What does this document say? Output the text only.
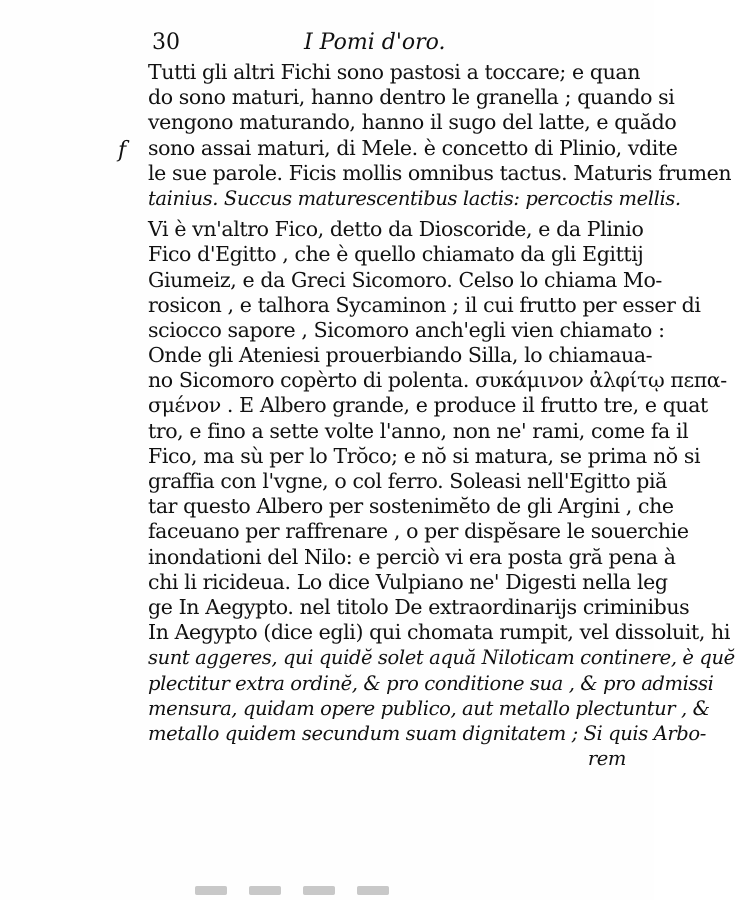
30	I Pomi d'oro.
f
Tutti gli altri Fichi sono pastosi a toccare; e quan
do sono maturi, hanno dentro le granella ; quando si
vengono maturando, hanno il sugo del latte, e quădo
sono assai maturi, di Mele. è concetto di Plinio, vdite
le sue parole. Ficis mollis omnibus tactus. Maturis frumen
tainius. Succus maturescentibus lactis: percoctis mellis.
Vi è vn'altro Fico, detto da Dioscoride, e da Plinio
Fico d'Egitto , che è quello chiamato da gli Egittij
Giumeiz, e da Greci Sicomoro. Celso lo chiama Mo-
rosicon , e talhora Sycaminon ; il cui frutto per esser di
sciocco sapore , Sicomoro anch'egli vien chiamato :
Onde gli Ateniesi prouerbiando Silla, lo chiamaua-
no Sicomoro copèrto di polenta. συκάμινον ἀλφίτῳ πεπα-
σμένον . E Albero grande, e produce il frutto tre, e quat
tro, e fino a sette volte l'anno, non ne' rami, come fa il
Fico, ma sù per lo Trŏco; e nŏ si matura, se prima nŏ si
graffia con l'vgne, o col ferro. Soleasi nell'Egitto piă
tar questo Albero per sostenimĕto de gli Argini , che
faceuano per raffrenare , o per dispĕsare le souerchie
inondationi del Nilo: e perciò vi era posta gră pena à
chi li ricideua. Lo dice Vulpiano ne' Digesti nella leg
ge In Aegypto. nel titolo De extraordinarijs criminibus
In Aegypto (dice egli) qui chomata rumpit, vel dissoluit, hi
sunt aggeres, qui quidĕ solet aquă Niloticam continere, è quĕ
plectitur extra ordinĕ, & pro conditione sua , & pro admissi
mensura, quidam opere publico, aut metallo plectuntur , &
metallo quidem secundum suam dignitatem ; Si quis Arbo-
rem
